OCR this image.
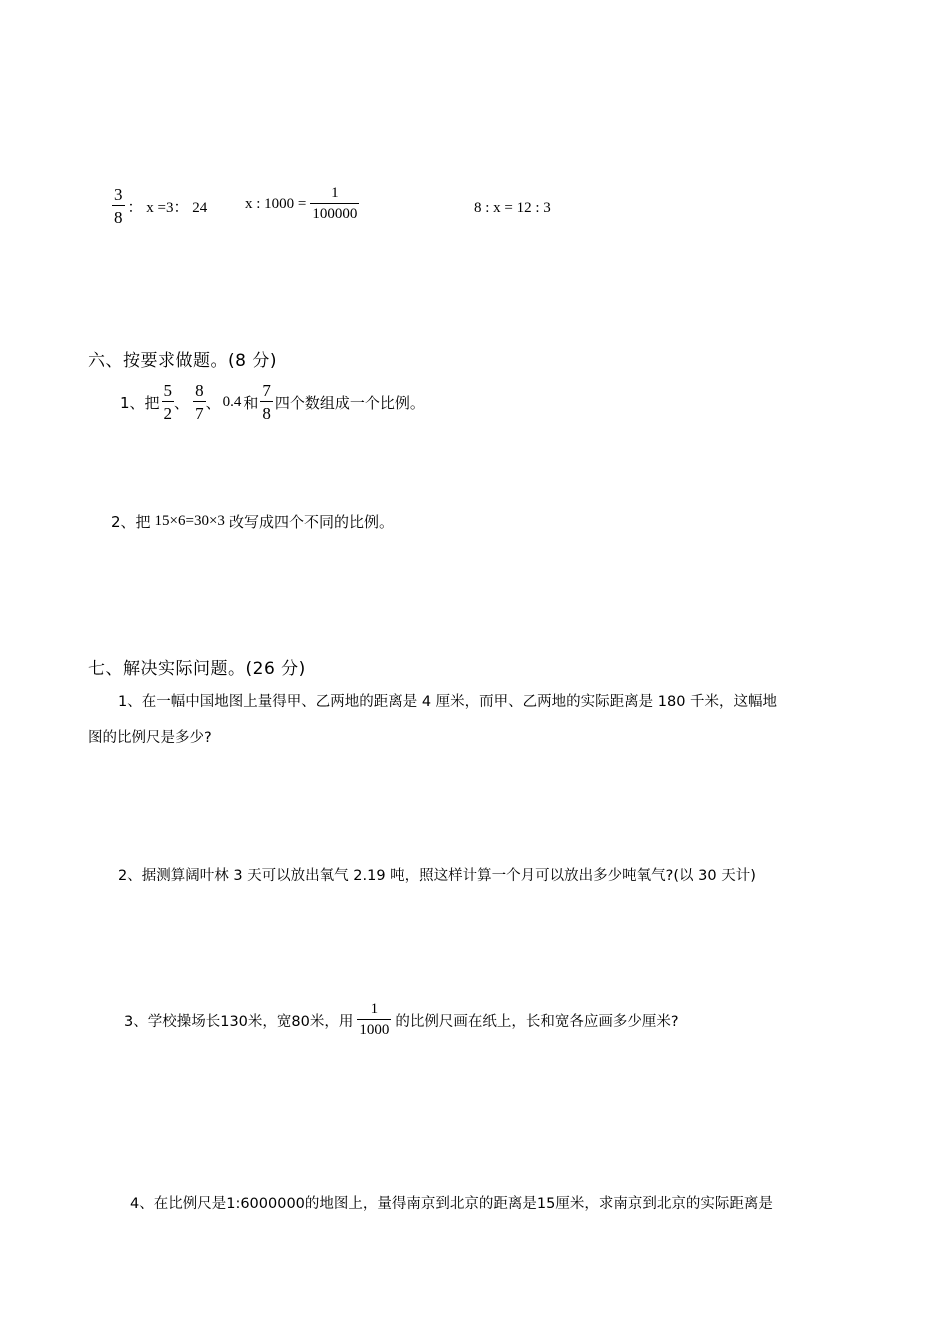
$\frac{3}{8}$ ： x =3： 24	x : $1000 = \frac{1}{100000}$	8 : x = 12 : 3
六、按要求做题。(8 分)
1、把 $\frac{5}{2}$ 、 $\frac{8}{7}$ 、 0.4 和 $\frac{7}{8}$ 四个数组成一个比例。
2、把 15×6=30×3 改写成四个不同的比例。
七、解决实际问题。(26 分)
1、在一幅中国地图上量得甲、乙两地的距离是 4 厘米，而甲、乙两地的实际距离是 180 千米，这幅地
图的比例尺是多少?
2、据测算阔叶林 3 天可以放出氧气 2.19 吨，照这样计算一个月可以放出多少吨氧气?(以 30 天计)
3、学校操场长130米，宽80米，用 $\frac{1}{1000}$ 的比例尺画在纸上，长和宽各应画多少厘米?
4、在比例尺是1:6000000的地图上，量得南京到北京的距离是15厘米，求南京到北京的实际距离是
